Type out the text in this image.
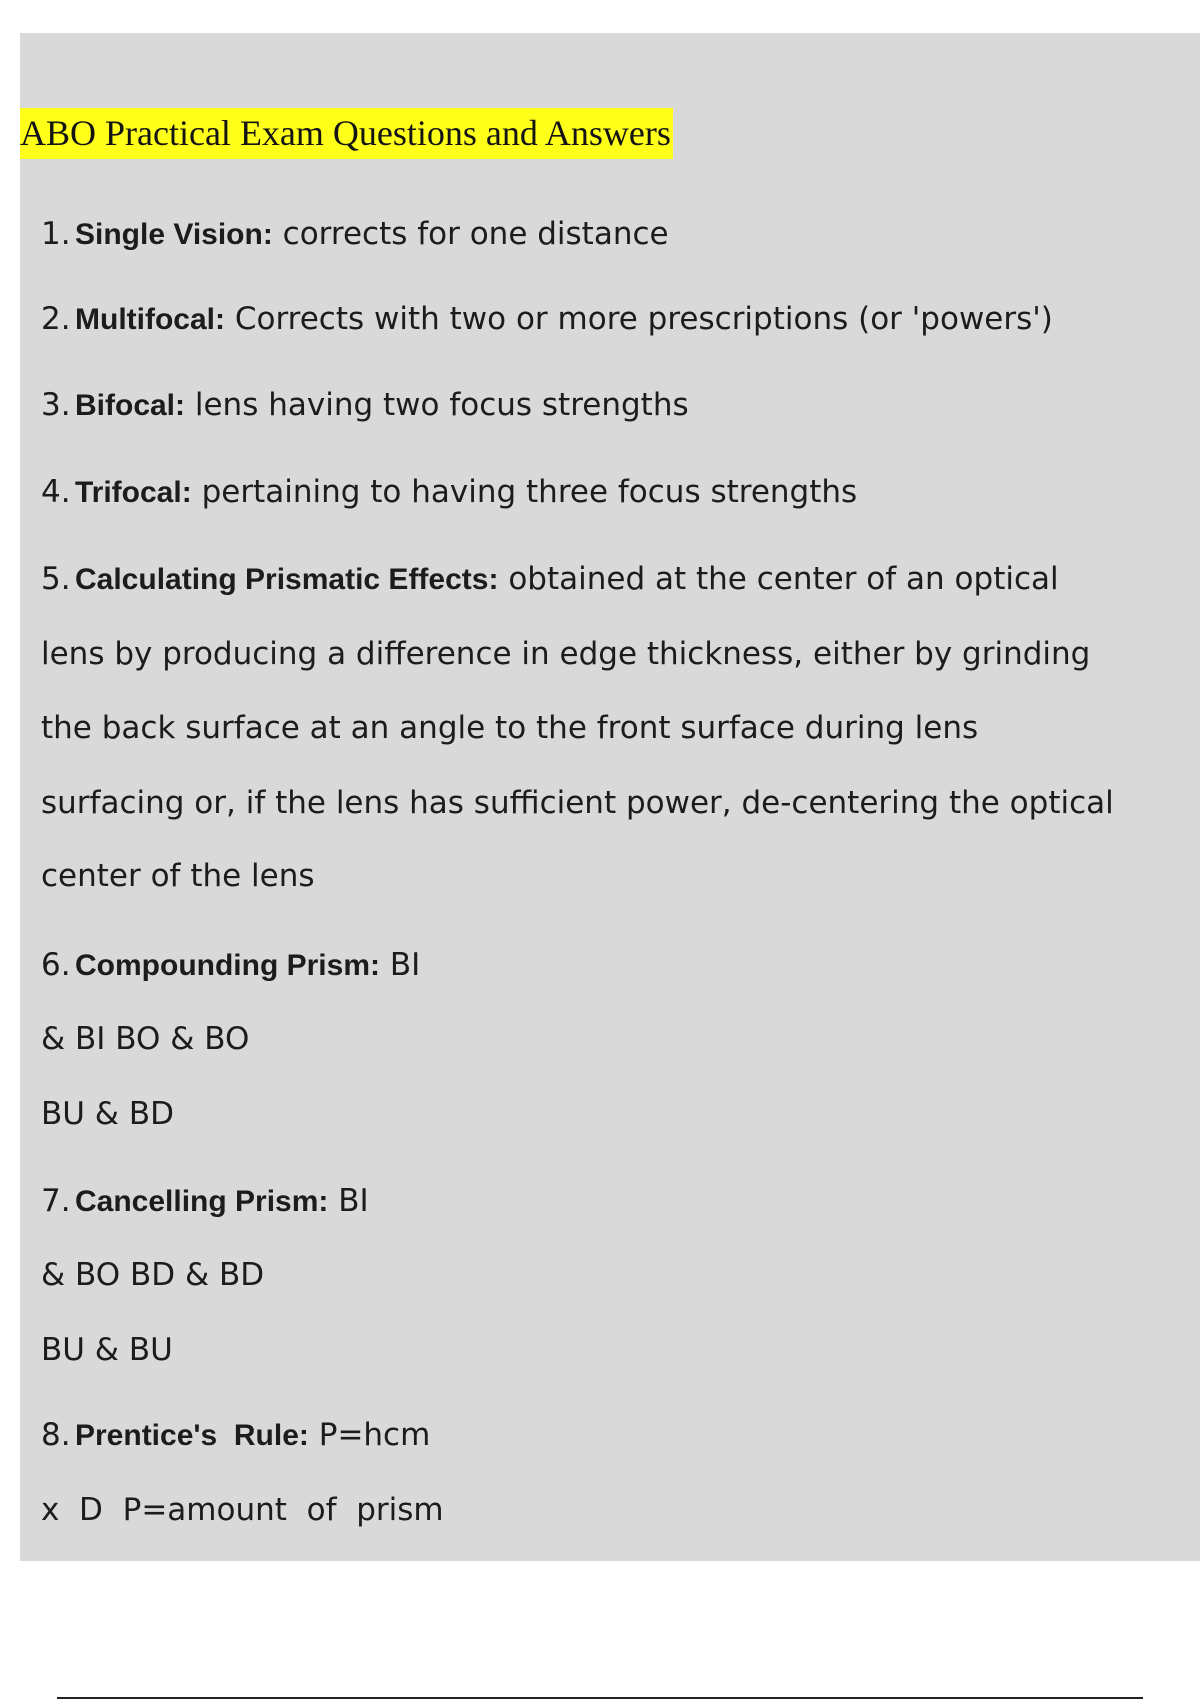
ABO Practical Exam Questions and Answers
1. Single Vision: corrects for one distance
2. Multifocal: Corrects with two or more prescriptions (or 'powers')
3. Bifocal: lens having two focus strengths
4. Trifocal: pertaining to having three focus strengths
5. Calculating Prismatic Effects: obtained at the center of an optical
lens by producing a difference in edge thickness, either by grinding
the back surface at an angle to the front surface during lens
surfacing or, if the lens has sufficient power, de-centering the optical
center of the lens
6. Compounding Prism: BI
& BI BO & BO
BU & BD
7. Cancelling Prism: BI
& BO BD & BD
BU & BU
8. Prentice's  Rule: P=hcm
x  D  P=amount  of  prism
